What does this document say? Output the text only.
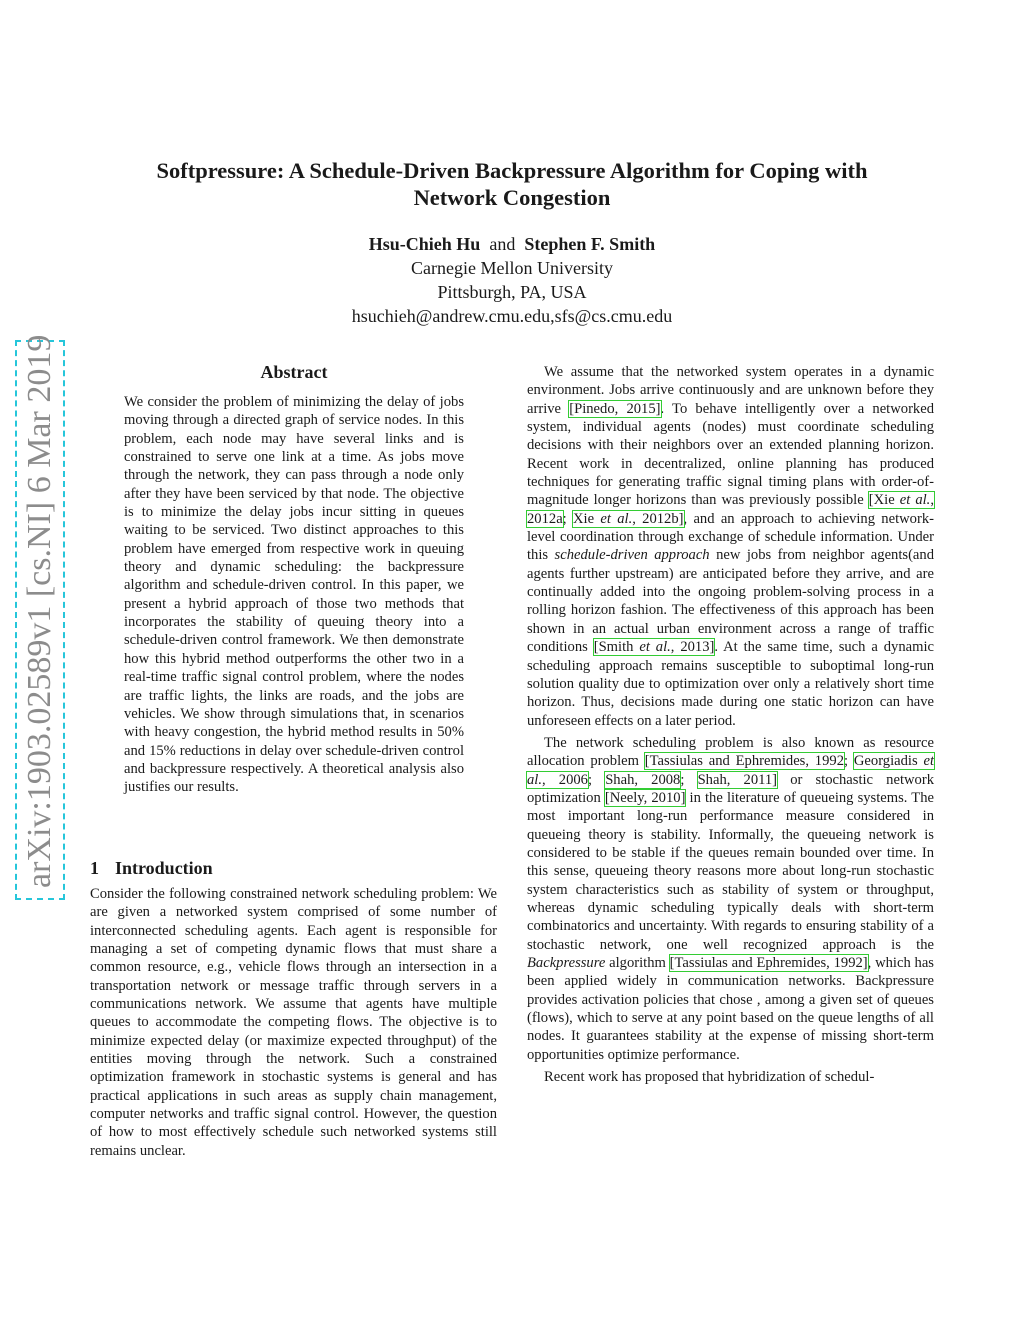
Softpressure: A Schedule-Driven Backpressure Algorithm for Coping with
Network Congestion
Hsu-Chieh Hu and Stephen F. Smith
Carnegie Mellon University
Pittsburgh, PA, USA
hsuchieh@andrew.cmu.edu,sfs@cs.cmu.edu
arXiv:1903.02589v1 [cs.NI] 6 Mar 2019	Abstract

We consider the problem of minimizing the delay of jobs moving through a directed graph of service nodes. In this problem, each node may have several links and is constrained to serve one link at a time. As jobs move through the network, they can pass through a node only after they have been serviced by that node. The objective is to minimize the delay jobs incur sitting in queues waiting to be serviced. Two distinct approaches to this problem have emerged from respective work in queuing theory and dynamic scheduling: the backpressure algorithm and schedule-driven control. In this paper, we present a hybrid approach of those two methods that incorporates the stability of queuing theory into a schedule-driven control framework. We then demonstrate how this hybrid method outperforms the other two in a real-time traffic signal control problem, where the nodes are traffic lights, the links are roads, and the jobs are vehicles. We show through simulations that, in scenarios with heavy congestion, the hybrid method results in 50% and 15% reductions in delay over schedule-driven control and backpressure respectively. A theoretical analysis also justifies our results.

1 Introduction

Consider the following constrained network scheduling problem: We are given a networked system comprised of some number of interconnected scheduling agents. Each agent is responsible for managing a set of competing dynamic flows that must share a common resource, e.g., vehicle flows through an intersection in a transportation network or message traffic through servers in a communications network. We assume that agents have multiple queues to accommodate the competing flows. The objective is to minimize expected delay (or maximize expected throughput) of the entities moving through the network. Such a constrained optimization framework in stochastic systems is general and has practical applications in such areas as supply chain management, computer networks and traffic signal control. However, the question of how to most effectively schedule such networked systems still remains unclear.

We assume that the networked system operates in a dynamic environment. Jobs arrive continuously and are unknown before they arrive [Pinedo, 2015]. To behave intelligently over a networked system, individual agents (nodes) must coordinate scheduling decisions with their neighbors over an extended planning horizon. Recent work in decentralized, online planning has produced techniques for generating traffic signal timing plans with order-of-magnitude longer horizons than was previously possible [Xie et al., 2012a; Xie et al., 2012b], and an approach to achieving network-level coordination through exchange of schedule information. Under this schedule-driven approach new jobs from neighbor agents(and agents further upstream) are anticipated before they arrive, and are continually added into the ongoing problem-solving process in a rolling horizon fashion. The effectiveness of this approach has been shown in an actual urban environment across a range of traffic conditions [Smith et al., 2013]. At the same time, such a dynamic scheduling approach remains susceptible to suboptimal long-run solution quality due to optimization over only a relatively short time horizon. Thus, decisions made during one static horizon can have unforeseen effects on a later period.

The network scheduling problem is also known as resource allocation problem [Tassiulas and Ephremides, 1992; Georgiadis et al., 2006; Shah, 2008; Shah, 2011] or stochastic network optimization [Neely, 2010] in the literature of queueing systems. The most important long-run performance measure considered in queueing theory is stability. Informally, the queueing network is considered to be stable if the queues remain bounded over time. In this sense, queueing theory reasons more about long-run stochastic system characteristics such as stability of system or throughput, whereas dynamic scheduling typically deals with short-term combinatorics and uncertainty. With regards to ensuring stability of a stochastic network, one well recognized approach is the Backpressure algorithm [Tassiulas and Ephremides, 1992], which has been applied widely in communication networks. Backpressure provides activation policies that chose , among a given set of queues (flows), which to serve at any point based on the queue lengths of all nodes. It guarantees stability at the expense of missing short-term opportunities optimize performance.

Recent work has proposed that hybridization of schedul-
